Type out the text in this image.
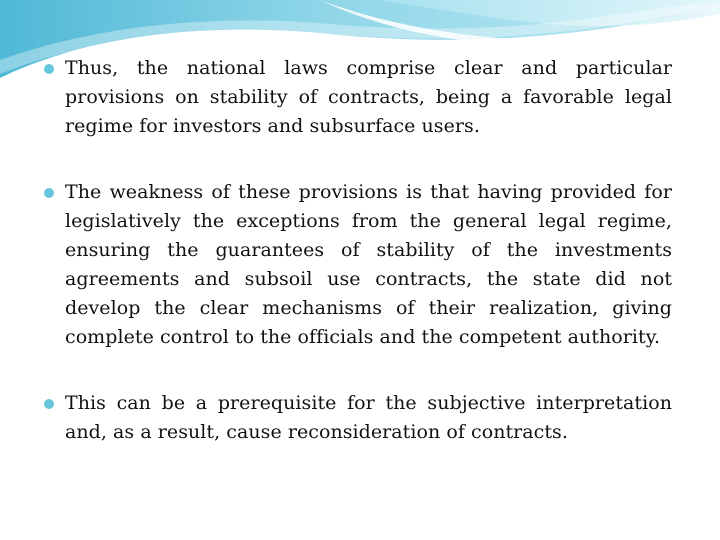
Thus, the national laws comprise clear and particular provisions on stability of contracts, being a favorable legal regime for investors and subsurface users.
The weakness of these provisions is that having provided for legislatively the exceptions from the general legal regime, ensuring the guarantees of stability of the investments agreements and subsoil use contracts, the state did not develop the clear mechanisms of their realization, giving complete control to the officials and the competent authority.
This can be a prerequisite for the subjective interpretation and, as a result, cause reconsideration of contracts.
